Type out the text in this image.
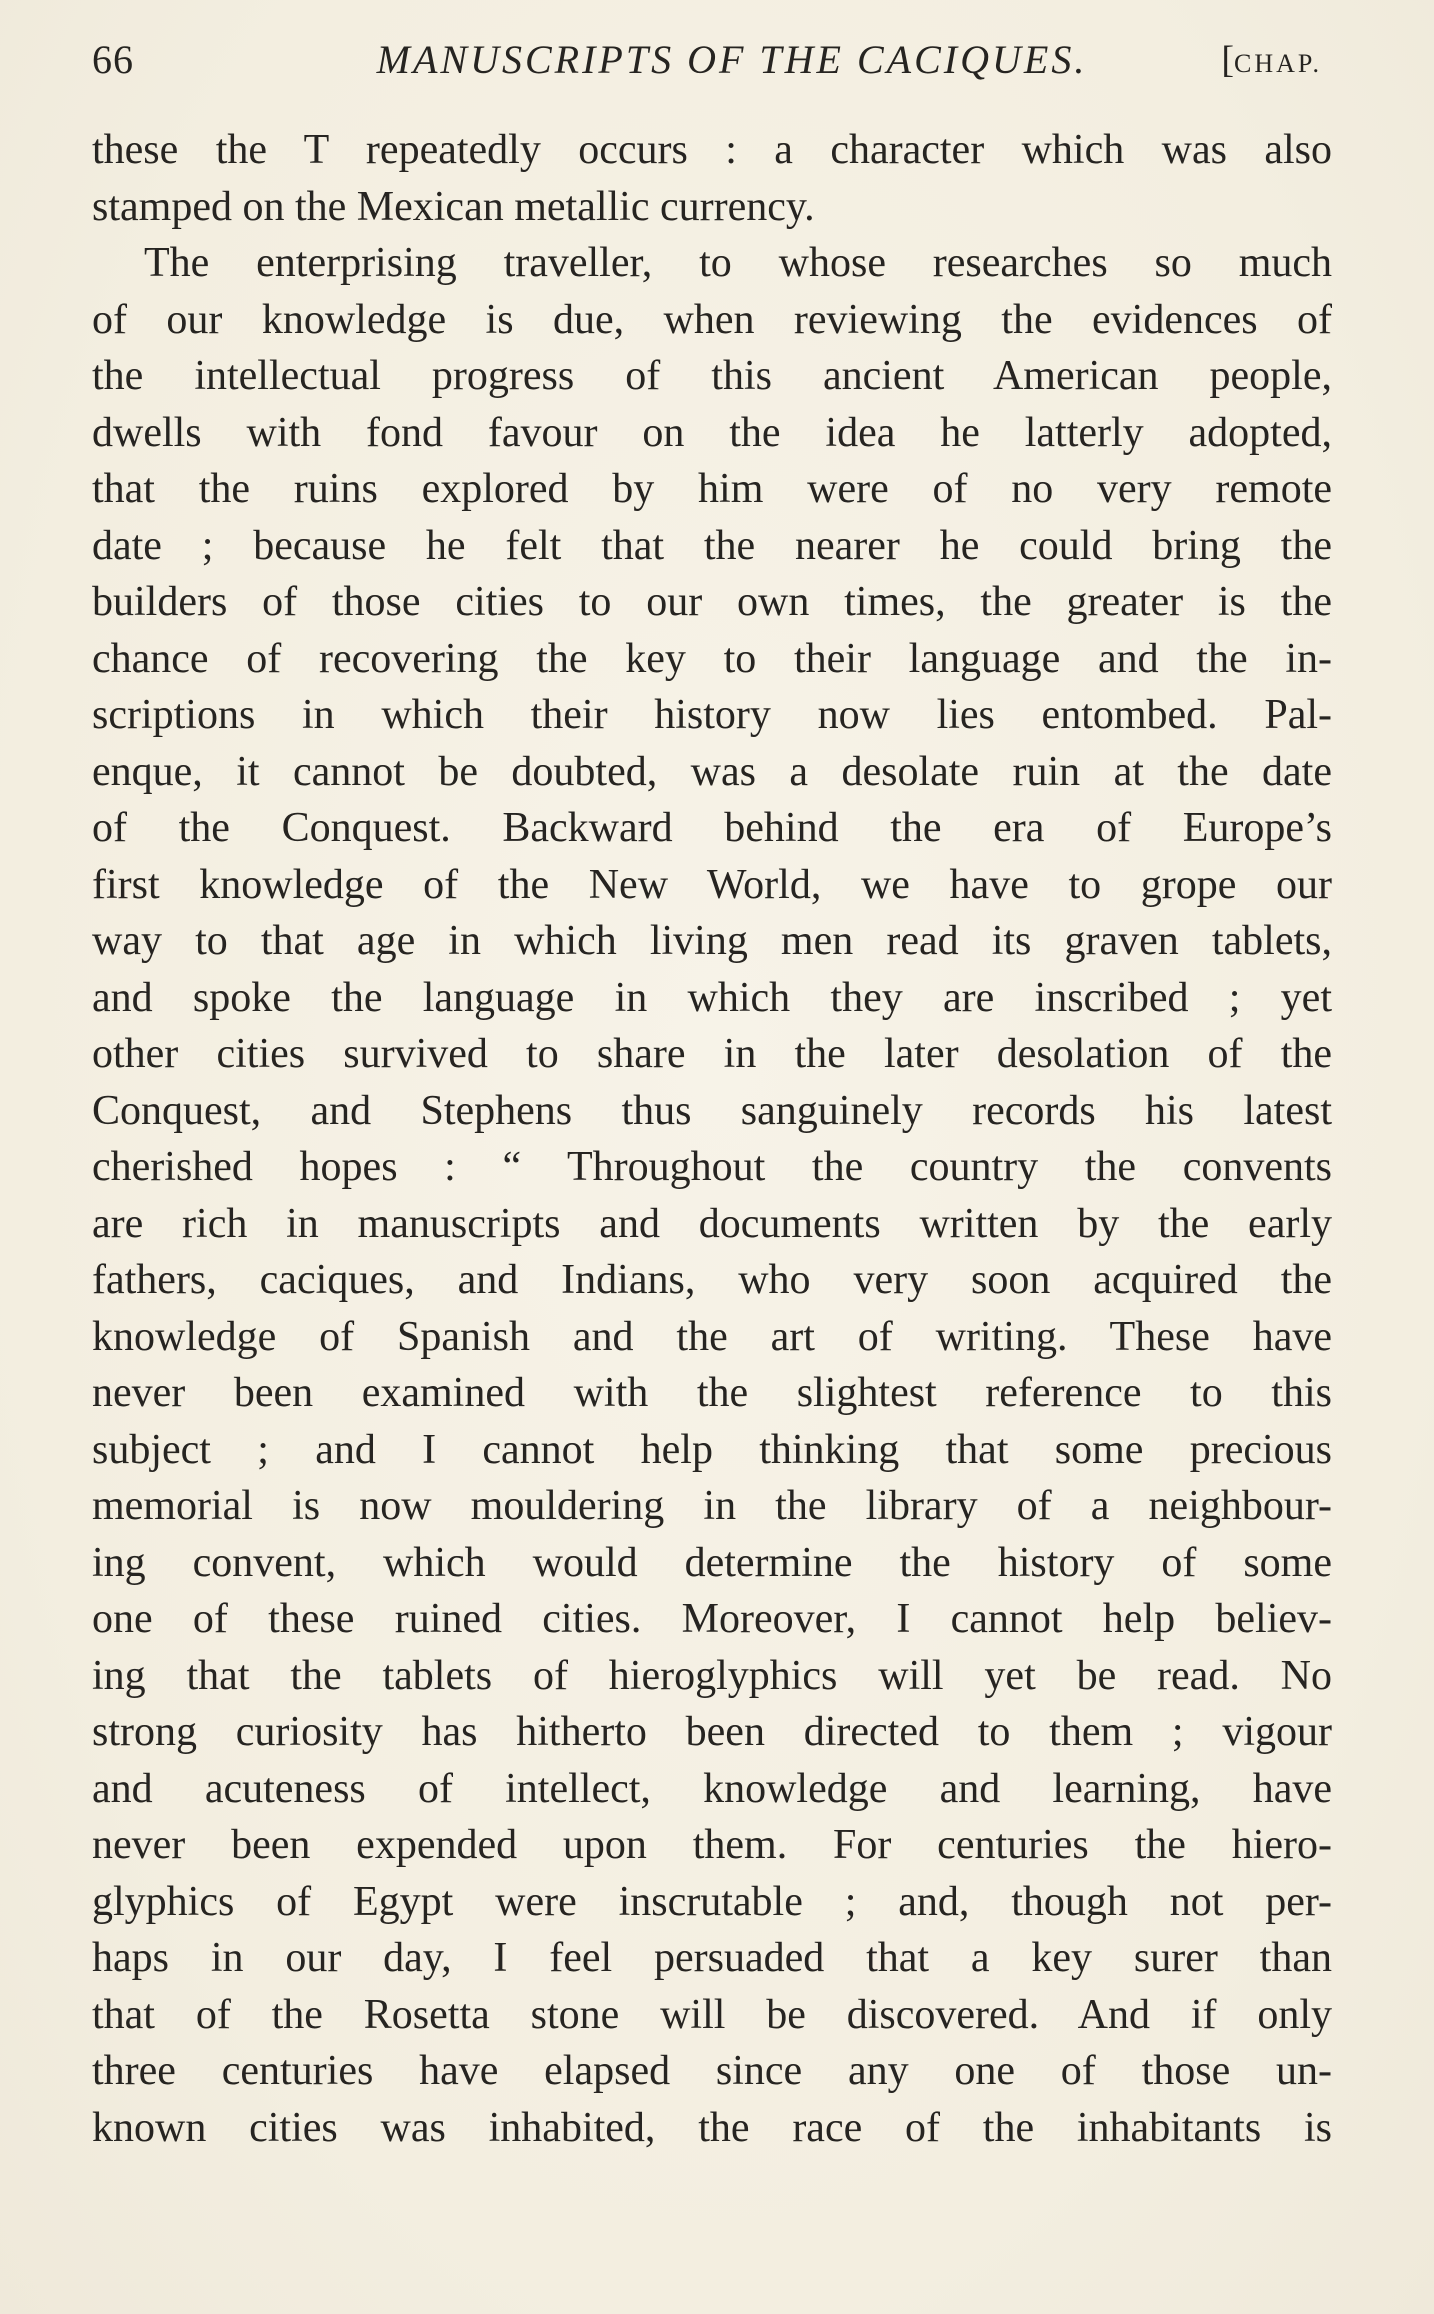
66	MANUSCRIPTS OF THE CACIQUES.	[CHAP.
these the T repeatedly occurs : a character which was also
stamped on the Mexican metallic currency.
The enterprising traveller, to whose researches so much
of our knowledge is due, when reviewing the evidences of
the intellectual progress of this ancient American people,
dwells with fond favour on the idea he latterly adopted,
that the ruins explored by him were of no very remote
date ; because he felt that the nearer he could bring the
builders of those cities to our own times, the greater is the
chance of recovering the key to their language and the in-
scriptions in which their history now lies entombed. Pal-
enque, it cannot be doubted, was a desolate ruin at the date
of the Conquest. Backward behind the era of Europe’s
first knowledge of the New World, we have to grope our
way to that age in which living men read its graven tablets,
and spoke the language in which they are inscribed ; yet
other cities survived to share in the later desolation of the
Conquest, and Stephens thus sanguinely records his latest
cherished hopes : “ Throughout the country the convents
are rich in manuscripts and documents written by the early
fathers, caciques, and Indians, who very soon acquired the
knowledge of Spanish and the art of writing. These have
never been examined with the slightest reference to this
subject ; and I cannot help thinking that some precious
memorial is now mouldering in the library of a neighbour-
ing convent, which would determine the history of some
one of these ruined cities. Moreover, I cannot help believ-
ing that the tablets of hieroglyphics will yet be read. No
strong curiosity has hitherto been directed to them ; vigour
and acuteness of intellect, knowledge and learning, have
never been expended upon them. For centuries the hiero-
glyphics of Egypt were inscrutable ; and, though not per-
haps in our day, I feel persuaded that a key surer than
that of the Rosetta stone will be discovered. And if only
three centuries have elapsed since any one of those un-
known cities was inhabited, the race of the inhabitants is
